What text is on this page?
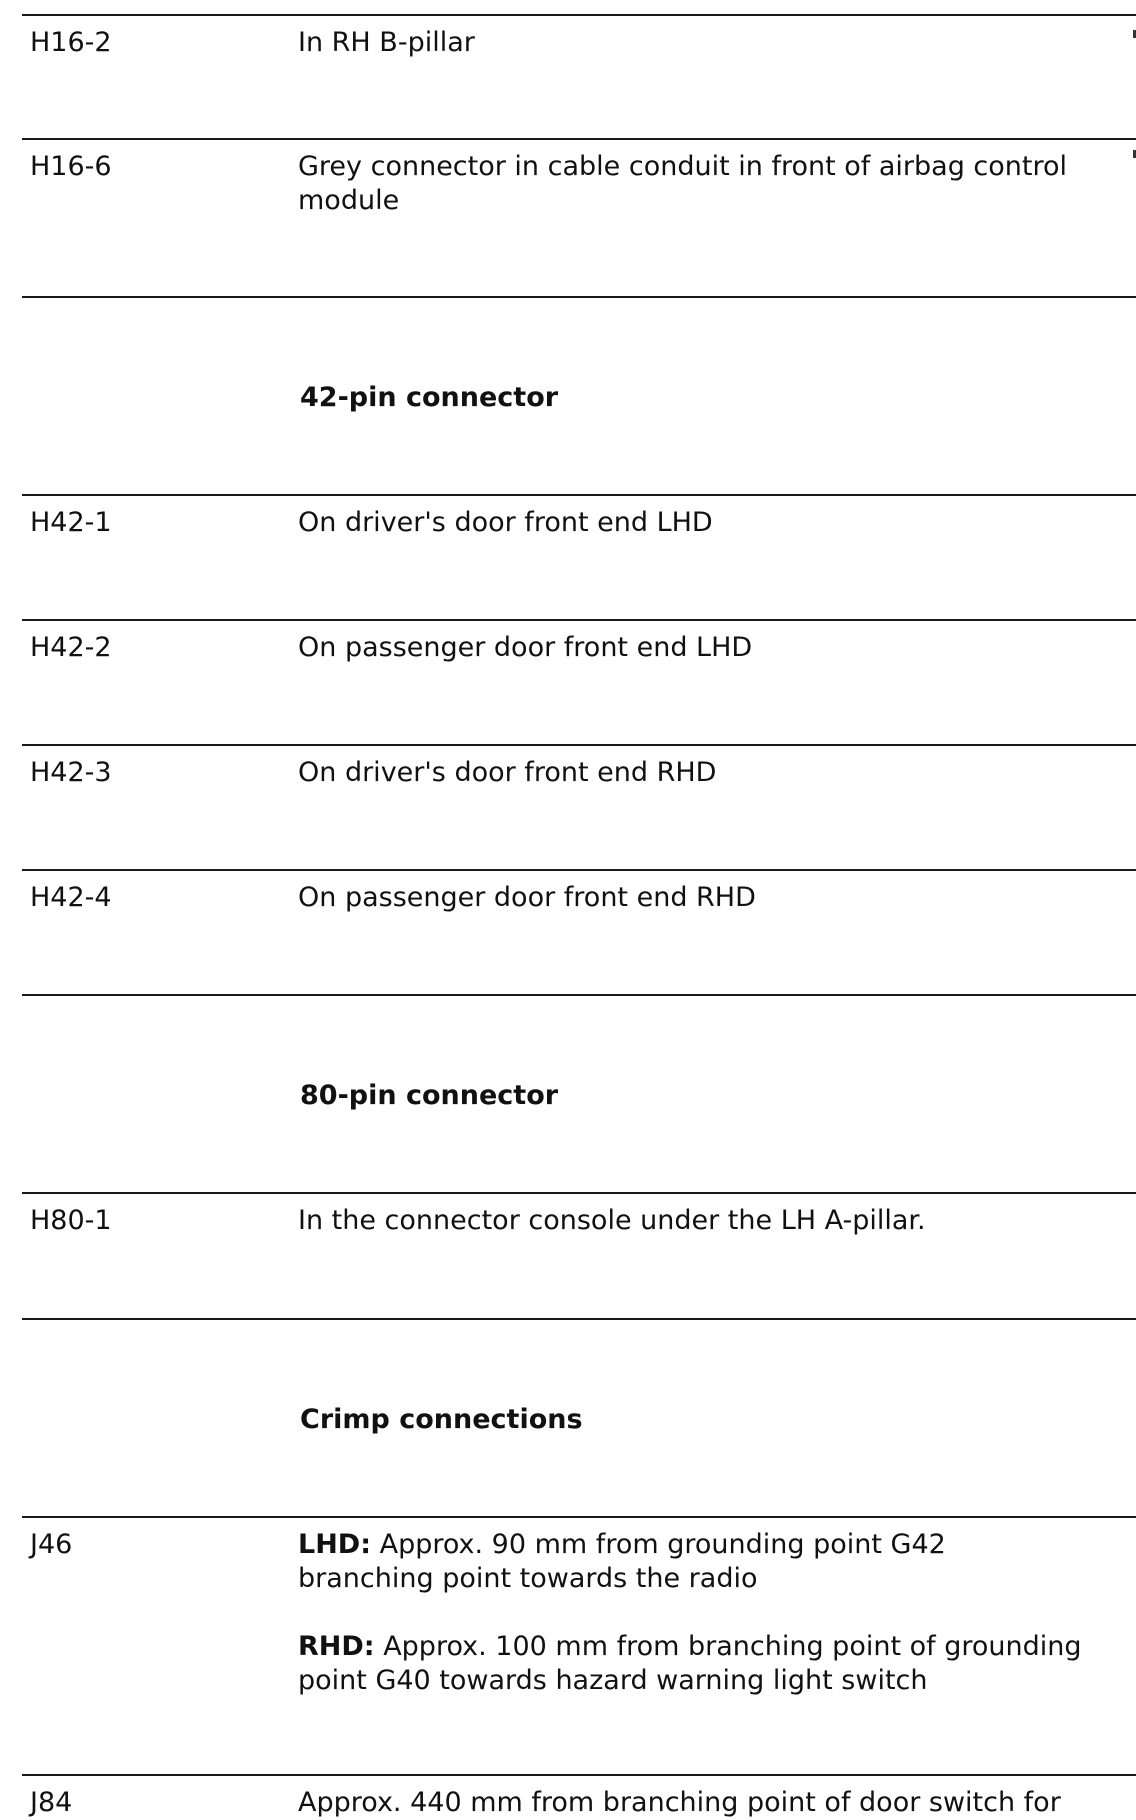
H16-2	In RH B-pillar
H16-6	Grey connector in cable conduit in front of airbag control

module

42-pin connector
H42-1	On driver's door front end LHD
H42-2	On passenger door front end LHD
H42-3	On driver's door front end RHD
H42-4	On passenger door front end RHD
80-pin connector
H80-1	In the connector console under the LH A-pillar.
Crimp connections
J46	LHD: Approx. 90 mm from grounding point G42

branching point towards the radio

RHD: Approx. 100 mm from branching point of grounding

point G40 towards hazard warning light switch

J84	Approx. 440 mm from branching point of door switch for
